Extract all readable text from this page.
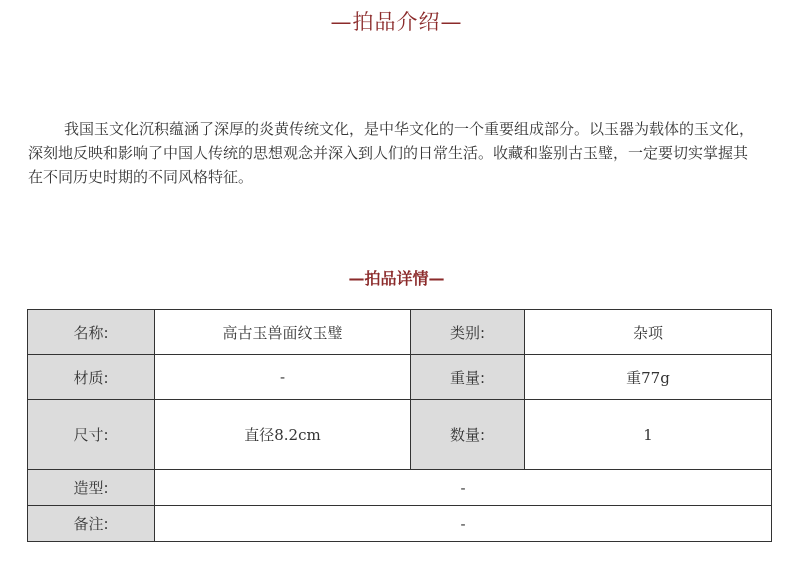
—拍品介绍—

我国玉文化沉积蕴涵了深厚的炎黄传统文化，是中华文化的一个重要组成部分。以玉器为载体的玉文化，深刻地反映和影响了中国人传统的思想观念并深入到人们的日常生活。收藏和鉴别古玉璧，一定要切实掌握其在不同历史时期的不同风格特征。

—拍品详情—
名称:	高古玉兽面纹玉璧	类别:	杂项
材质:	-	重量:	重77g
尺寸:	直径8.2cm	数量:	1
造型:	-		
备注:	-		
